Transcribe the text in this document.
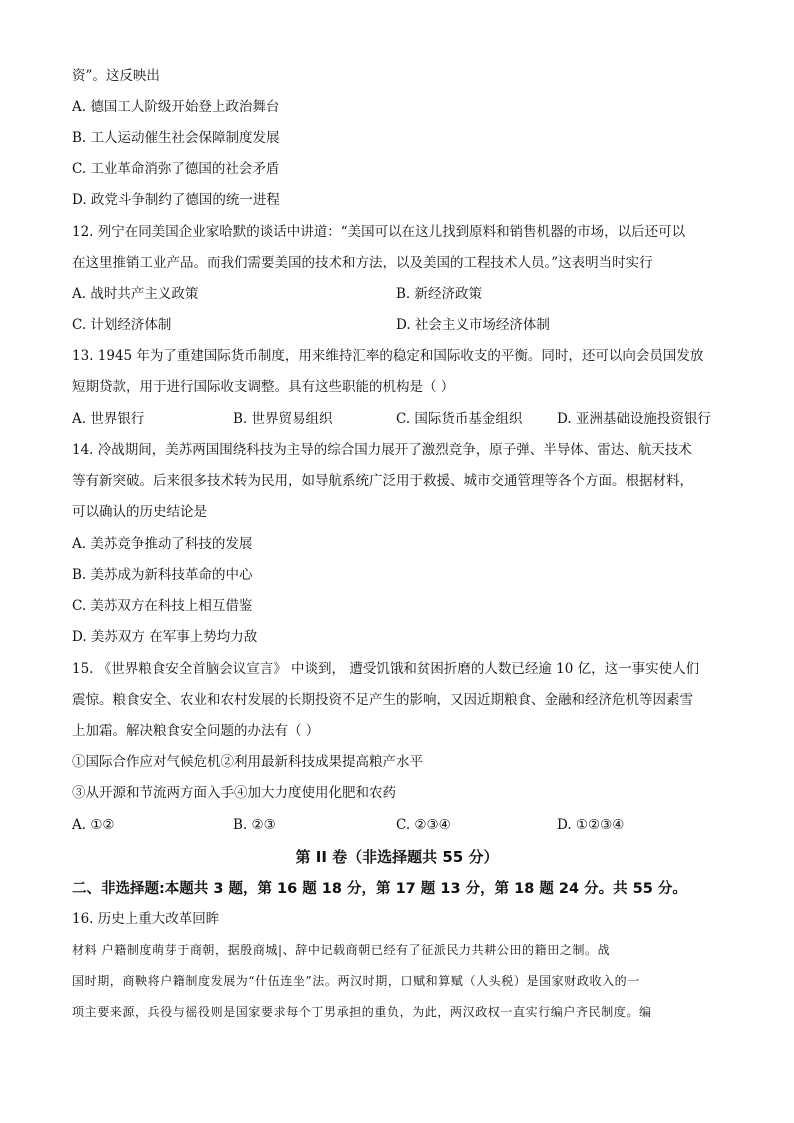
资”。这反映出
A. 德国工人阶级开始登上政治舞台
B. 工人运动催生社会保障制度发展
C. 工业革命消弥了德国的社会矛盾
D. 政党斗争制约了德国的统一进程
12. 列宁在同美国企业家哈默的谈话中讲道：“美国可以在这儿找到原料和销售机器的市场，以后还可以
在这里推销工业产品。而我们需要美国的技术和方法，以及美国的工程技术人员。”这表明当时实行
A. 战时共产主义政策	B. 新经济政策
C. 计划经济体制	D. 社会主义市场经济体制
13. 1945 年为了重建国际货币制度，用来维持汇率的稳定和国际收支的平衡。同时，还可以向会员国发放
短期贷款，用于进行国际收支调整。具有这些职能的机构是（ ）
A. 世界银行	B. 世界贸易组织	C. 国际货币基金组织	D. 亚洲基础设施投资银行
14. 冷战期间，美苏两国围绕科技为主导的综合国力展开了激烈竞争，原子弹、半导体、雷达、航天技术
等有新突破。后来很多技术转为民用，如导航系统广泛用于救援、城市交通管理等各个方面。根据材料，
可以确认的历史结论是
A. 美苏竞争推动了科技的发展
B. 美苏成为新科技革命的中心
C. 美苏双方在科技上相互借鉴
D. 美苏双方 在军事上势均力敌
15. 《世界粮食安全首脑会议宣言》 中谈到， 遭受饥饿和贫困折磨的人数已经逾 10 亿，这一事实使人们
震惊。粮食安全、农业和农村发展的长期投资不足产生的影响，又因近期粮食、金融和经济危机等因素雪
上加霜。解决粮食安全问题的办法有（ ）
①国际合作应对气候危机②利用最新科技成果提高粮产水平
③从开源和节流两方面入手④加大力度使用化肥和农药
A. ①②	B. ②③	C. ②③④	D. ①②③④
第 II 卷（非选择题共 55 分）
二、非选择题:本题共 3 题，第 16 题 18 分，第 17 题 13 分，第 18 题 24 分。共 55 分。
16. 历史上重大改革回眸
材料 户籍制度萌芽于商朝，据殷商城|、辞中记载商朝已经有了征派民力共耕公田的籍田之制。战
国时期，商鞅将户籍制度发展为“什伍连坐”法。两汉时期，口赋和算赋（人头税）是国家财政收入的一
项主要来源，兵役与徭役则是国家要求每个丁男承担的重负，为此，两汉政权一直实行编户齐民制度。编
